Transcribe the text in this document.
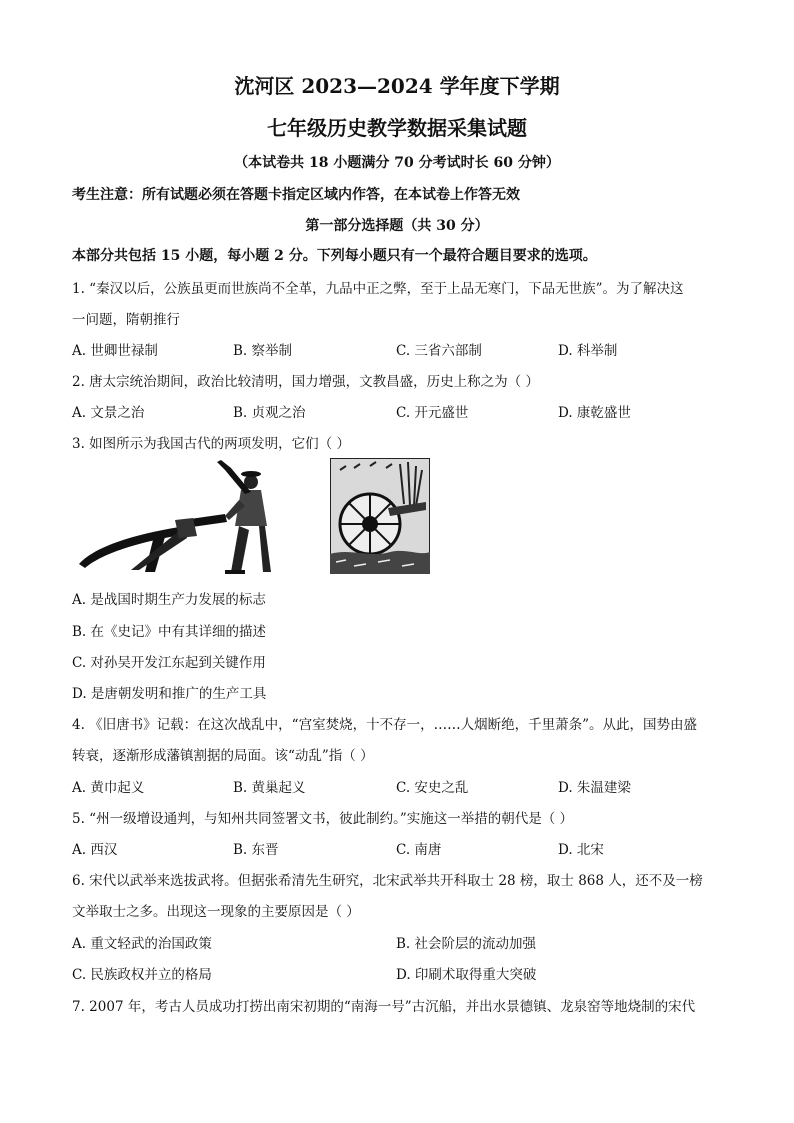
沈河区 2023—2024 学年度下学期
七年级历史教学数据采集试题
（本试卷共 18 小题满分 70 分考试时长 60 分钟）
考生注意：所有试题必须在答题卡指定区域内作答，在本试卷上作答无效
第一部分选择题（共 30 分）
本部分共包括 15 小题，每小题 2 分。下列每小题只有一个最符合题目要求的选项。
1. “秦汉以后，公族虽更而世族尚不全革，九品中正之弊，至于上品无寒门，下品无世族”。为了解决这
一问题，隋朝推行
A. 世卿世禄制	B. 察举制	C. 三省六部制	D. 科举制
2. 唐太宗统治期间，政治比较清明，国力增强，文教昌盛，历史上称之为（ ）
A. 文景之治	B. 贞观之治	C. 开元盛世	D. 康乾盛世
3. 如图所示为我国古代的两项发明，它们（ ）
A. 是战国时期生产力发展的标志
B. 在《史记》中有其详细的描述
C. 对孙吴开发江东起到关键作用
D. 是唐朝发明和推广的生产工具
4. 《旧唐书》记载：在这次战乱中，“宫室焚烧，十不存一，……人烟断绝，千里萧条”。从此，国势由盛
转衰，逐渐形成藩镇割据的局面。该“动乱”指（ ）
A. 黄巾起义	B. 黄巢起义	C. 安史之乱	D. 朱温建梁
5. “州一级增设通判，与知州共同签署文书，彼此制约。”实施这一举措的朝代是（ ）
A. 西汉	B. 东晋	C. 南唐	D. 北宋
6. 宋代以武举来选拔武将。但据张希清先生研究，北宋武举共开科取士 28 榜，取士 868 人，还不及一榜
文举取士之多。出现这一现象的主要原因是（ ）
A. 重文轻武的治国政策	B. 社会阶层的流动加强
C. 民族政权并立的格局	D. 印刷术取得重大突破
7. 2007 年，考古人员成功打捞出南宋初期的“南海一号”古沉船，并出水景德镇、龙泉窑等地烧制的宋代
